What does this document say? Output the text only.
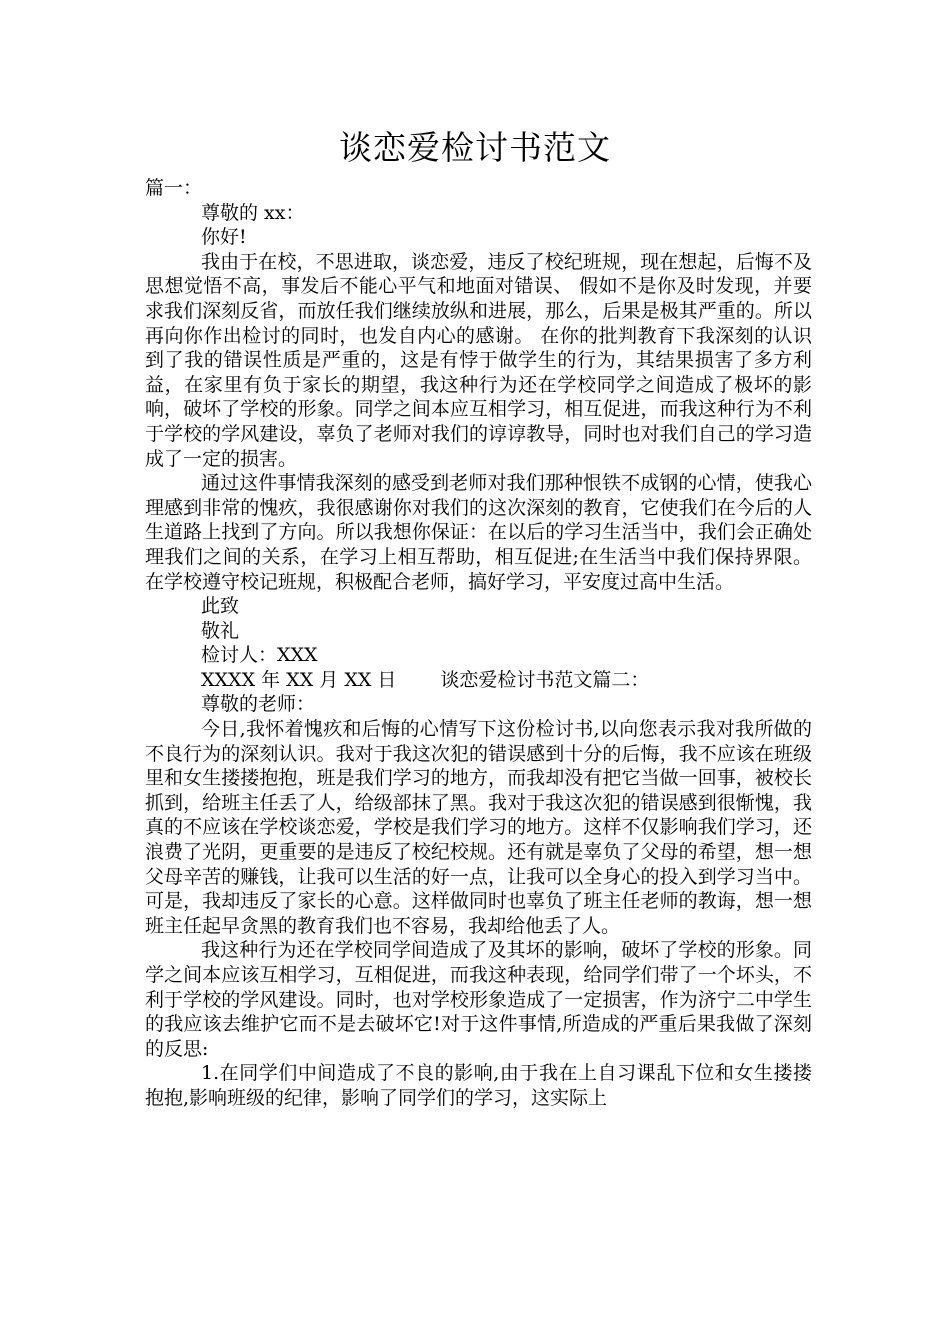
谈恋爱检讨书范文

篇一：

尊敬的 xx：

你好!

我由于在校，不思进取，谈恋爱，违反了校纪班规，现在想起，后悔不及 思想觉悟不高，事发后不能心平气和地面对错误、 假如不是你及时发现，并要求我们深刻反省，而放任我们继续放纵和进展，那么，后果是极其严重的。所以再向你作出检讨的同时，也发自内心的感谢。 在你的批判教育下我深刻的认识到了我的错误性质是严重的，这是有悖于做学生的行为，其结果损害了多方利益，在家里有负于家长的期望，我这种行为还在学校同学之间造成了极坏的影响，破坏了学校的形象。同学之间本应互相学习，相互促进，而我这种行为不利于学校的学风建设，辜负了老师对我们的谆谆教导，同时也对我们自己的学习造成了一定的损害。

通过这件事情我深刻的感受到老师对我们那种恨铁不成钢的心情，使我心理感到非常的愧疚，我很感谢你对我们的这次深刻的教育，它使我们在今后的人生道路上找到了方向。所以我想你保证：在以后的学习生活当中，我们会正确处理我们之间的关系，在学习上相互帮助，相互促进;在生活当中我们保持界限。 在学校遵守校记班规，积极配合老师，搞好学习，平安度过高中生活。

此致

敬礼

检讨人：XXX

XXXX 年 XX 月 XX 日 谈恋爱检讨书范文篇二：

尊敬的老师：

今日,我怀着愧疚和后悔的心情写下这份检讨书,以向您表示我对我所做的不良行为的深刻认识。我对于我这次犯的错误感到十分的后悔，我不应该在班级里和女生搂搂抱抱，班是我们学习的地方，而我却没有把它当做一回事，被校长抓到，给班主任丢了人，给级部抹了黑。我对于我这次犯的错误感到很惭愧，我真的不应该在学校谈恋爱，学校是我们学习的地方。这样不仅影响我们学习，还浪费了光阴，更重要的是违反了校纪校规。还有就是辜负了父母的希望，想一想父母辛苦的赚钱，让我可以生活的好一点，让我可以全身心的投入到学习当中。可是，我却违反了家长的心意。这样做同时也辜负了班主任老师的教诲，想一想班主任起早贪黑的教育我们也不容易，我却给他丢了人。

我这种行为还在学校同学间造成了及其坏的影响，破坏了学校的形象。同学之间本应该互相学习，互相促进，而我这种表现，给同学们带了一个坏头，不利于学校的学风建设。同时，也对学校形象造成了一定损害，作为济宁二中学生的我应该去维护它而不是去破坏它!对于这件事情,所造成的严重后果我做了深刻的反思:

1.在同学们中间造成了不良的影响,由于我在上自习课乱下位和女生搂搂抱抱,影响班级的纪律，影响了同学们的学习，这实际上
